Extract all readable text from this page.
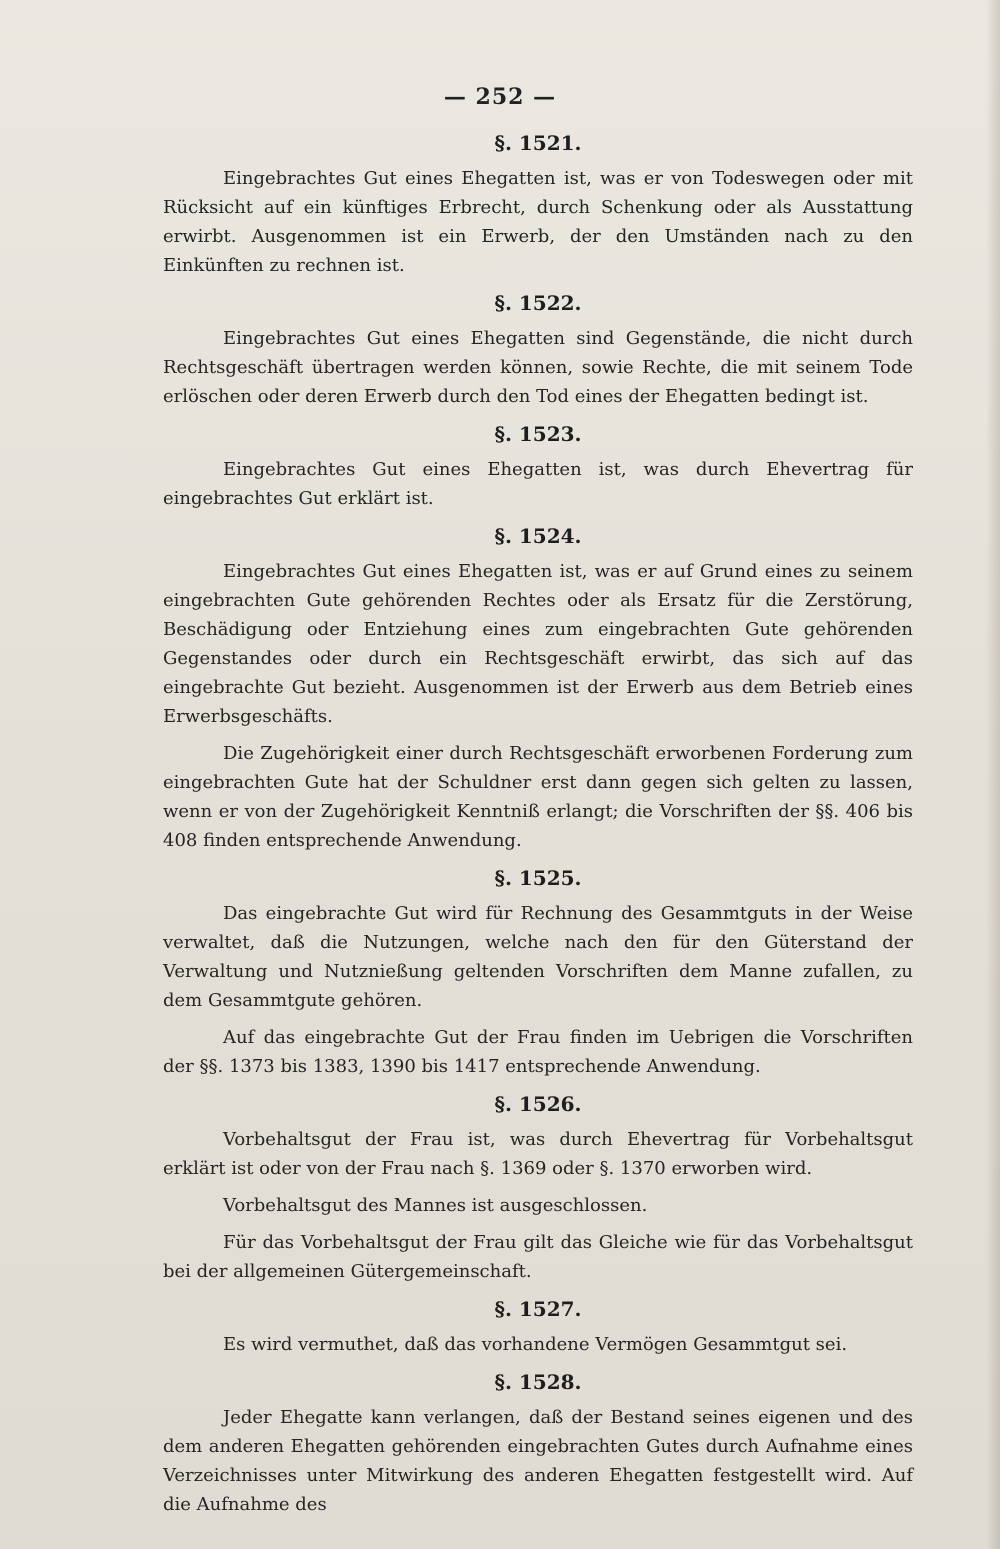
— 252 —
§. 1521.

Eingebrachtes Gut eines Ehegatten ist, was er von Todeswegen oder mit Rücksicht auf ein künftiges Erbrecht, durch Schenkung oder als Ausstattung erwirbt. Ausgenommen ist ein Erwerb, der den Umständen nach zu den Einkünften zu rechnen ist.

§. 1522.

Eingebrachtes Gut eines Ehegatten sind Gegenstände, die nicht durch Rechtsgeschäft übertragen werden können, sowie Rechte, die mit seinem Tode erlöschen oder deren Erwerb durch den Tod eines der Ehegatten bedingt ist.

§. 1523.

Eingebrachtes Gut eines Ehegatten ist, was durch Ehevertrag für eingebrachtes Gut erklärt ist.

§. 1524.

Eingebrachtes Gut eines Ehegatten ist, was er auf Grund eines zu seinem eingebrachten Gute gehörenden Rechtes oder als Ersatz für die Zerstörung, Beschädigung oder Entziehung eines zum eingebrachten Gute gehörenden Gegenstandes oder durch ein Rechtsgeschäft erwirbt, das sich auf das eingebrachte Gut bezieht. Ausgenommen ist der Erwerb aus dem Betrieb eines Erwerbsgeschäfts.

Die Zugehörigkeit einer durch Rechtsgeschäft erworbenen Forderung zum eingebrachten Gute hat der Schuldner erst dann gegen sich gelten zu lassen, wenn er von der Zugehörigkeit Kenntniß erlangt; die Vorschriften der §§. 406 bis 408 finden entsprechende Anwendung.

§. 1525.

Das eingebrachte Gut wird für Rechnung des Gesammtguts in der Weise verwaltet, daß die Nutzungen, welche nach den für den Güterstand der Verwaltung und Nutznießung geltenden Vorschriften dem Manne zufallen, zu dem Gesammtgute gehören.

Auf das eingebrachte Gut der Frau finden im Uebrigen die Vorschriften der §§. 1373 bis 1383, 1390 bis 1417 entsprechende Anwendung.

§. 1526.

Vorbehaltsgut der Frau ist, was durch Ehevertrag für Vorbehaltsgut erklärt ist oder von der Frau nach §. 1369 oder §. 1370 erworben wird.

Vorbehaltsgut des Mannes ist ausgeschlossen.

Für das Vorbehaltsgut der Frau gilt das Gleiche wie für das Vorbehaltsgut bei der allgemeinen Gütergemeinschaft.

§. 1527.

Es wird vermuthet, daß das vorhandene Vermögen Gesammtgut sei.

§. 1528.

Jeder Ehegatte kann verlangen, daß der Bestand seines eigenen und des dem anderen Ehegatten gehörenden eingebrachten Gutes durch Aufnahme eines Verzeichnisses unter Mitwirkung des anderen Ehegatten festgestellt wird. Auf die Aufnahme des
